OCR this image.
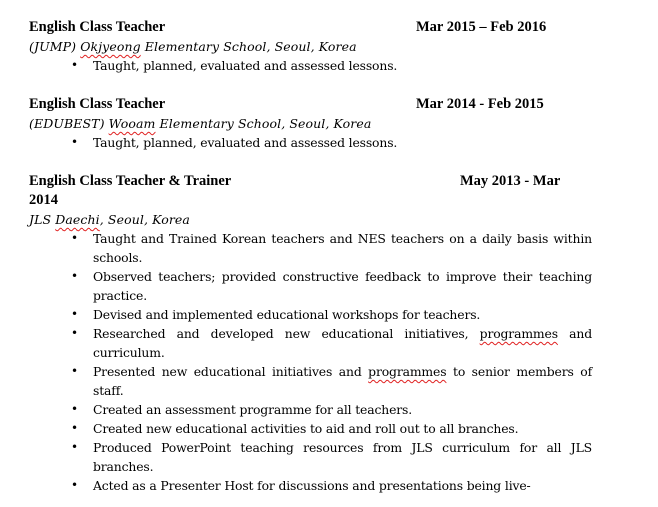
English Class Teacher	Mar 2015 – Feb 2016
(JUMP) Okjyeong Elementary School, Seoul, Korea
• Taught, planned, evaluated and assessed lessons.
English Class Teacher	Mar 2014 - Feb 2015
(EDUBEST) Wooam Elementary School, Seoul, Korea
• Taught, planned, evaluated and assessed lessons.
English Class Teacher & Trainer	May 2013 - Mar
2014
JLS Daechi, Seoul, Korea
• Taught and Trained Korean teachers and NES teachers on a daily basis within schools.
• Observed teachers; provided constructive feedback to improve their teaching practice.
• Devised and implemented educational workshops for teachers.
• Researched and developed new educational initiatives, programmes and curriculum.
• Presented new educational initiatives and programmes to senior members of staff.
• Created an assessment programme for all teachers.
• Created new educational activities to aid and roll out to all branches.
• Produced PowerPoint teaching resources from JLS curriculum for all JLS branches.
• Acted as a Presenter Host for discussions and presentations being live-
